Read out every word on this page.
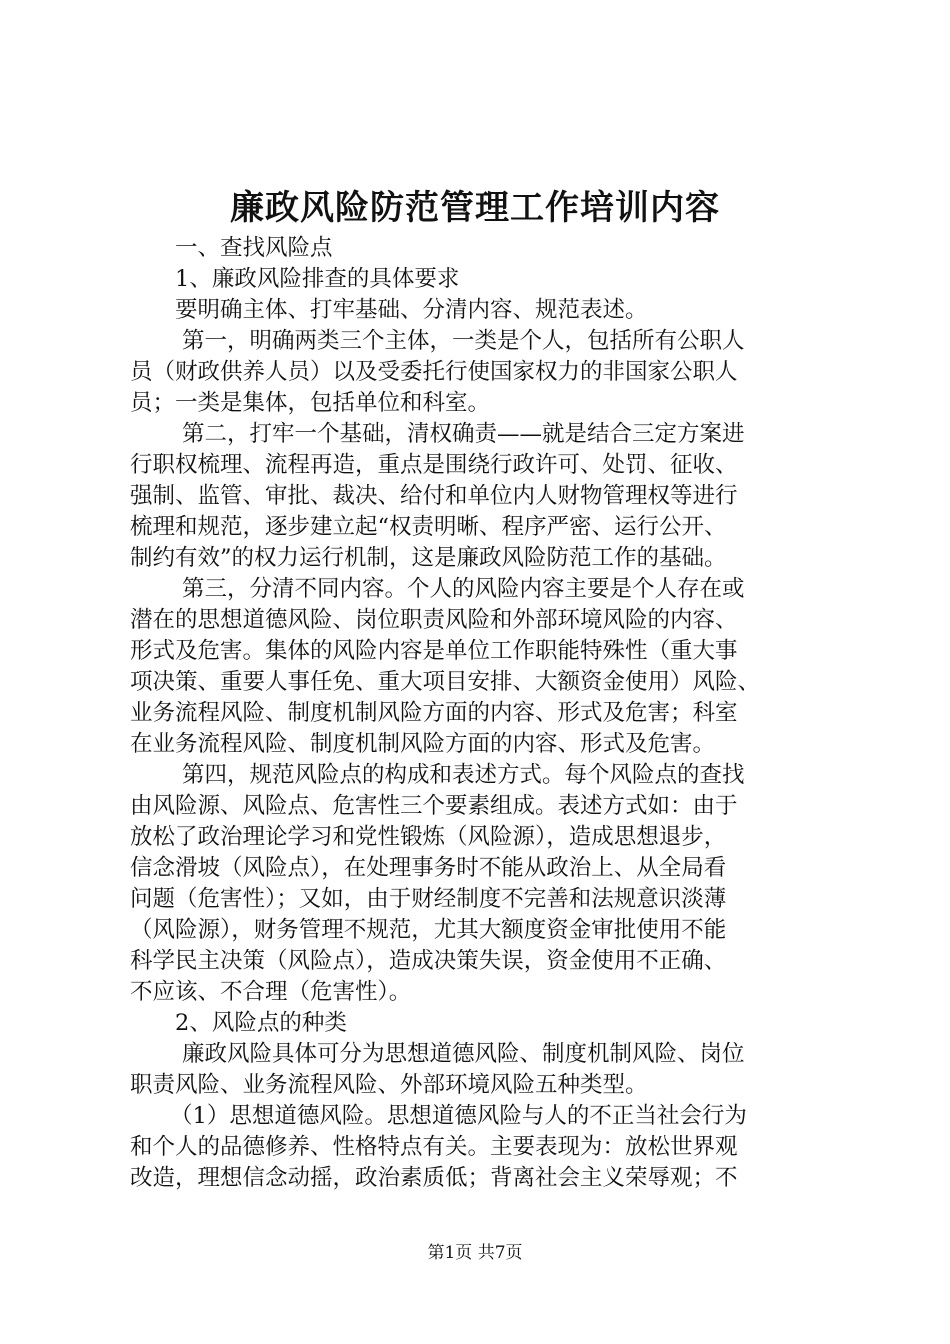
廉政风险防范管理工作培训内容
一、查找风险点
1、廉政风险排查的具体要求
要明确主体、打牢基础、分清内容、规范表述。
第一，明确两类三个主体，一类是个人，包括所有公职人
员（财政供养人员）以及受委托行使国家权力的非国家公职人
员；一类是集体，包括单位和科室。
第二，打牢一个基础，清权确责——就是结合三定方案进
行职权梳理、流程再造，重点是围绕行政许可、处罚、征收、
强制、监管、审批、裁决、给付和单位内人财物管理权等进行
梳理和规范，逐步建立起“权责明晰、程序严密、运行公开、
制约有效”的权力运行机制，这是廉政风险防范工作的基础。
第三，分清不同内容。个人的风险内容主要是个人存在或
潜在的思想道德风险、岗位职责风险和外部环境风险的内容、
形式及危害。集体的风险内容是单位工作职能特殊性（重大事
项决策、重要人事任免、重大项目安排、大额资金使用）风险、
业务流程风险、制度机制风险方面的内容、形式及危害；科室
在业务流程风险、制度机制风险方面的内容、形式及危害。
第四，规范风险点的构成和表述方式。每个风险点的查找
由风险源、风险点、危害性三个要素组成。表述方式如：由于
放松了政治理论学习和党性锻炼（风险源），造成思想退步，
信念滑坡（风险点），在处理事务时不能从政治上、从全局看
问题（危害性）；又如，由于财经制度不完善和法规意识淡薄
（风险源），财务管理不规范，尤其大额度资金审批使用不能
科学民主决策（风险点），造成决策失误，资金使用不正确、
不应该、不合理（危害性）。
2、风险点的种类
廉政风险具体可分为思想道德风险、制度机制风险、岗位
职责风险、业务流程风险、外部环境风险五种类型。
（1）思想道德风险。思想道德风险与人的不正当社会行为
和个人的品德修养、性格特点有关。主要表现为：放松世界观
改造，理想信念动摇，政治素质低；背离社会主义荣辱观；不
第1页 共7页
